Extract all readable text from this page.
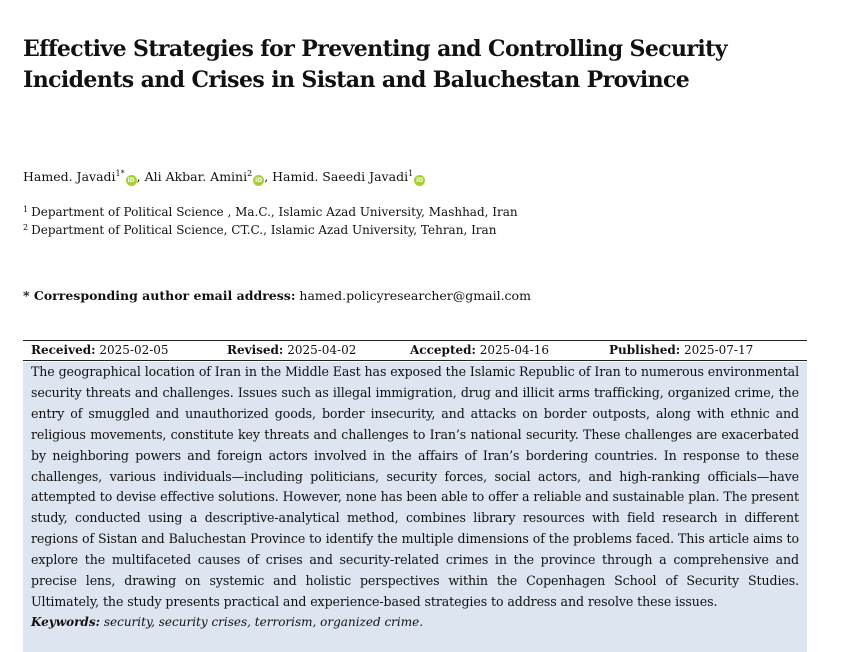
Effective Strategies for Preventing and Controlling Security Incidents and Crises in Sistan and Baluchestan Province
Hamed. Javadi$^{1*}$iD , Ali Akbar. Amini$^2$iD , Hamid. Saeedi Javadi$^1$iD
$^1$ Department of Political Science , Ma.C., Islamic Azad University, Mashhad, Iran
$^2$ Department of Political Science, CT.C., Islamic Azad University, Tehran, Iran
* Corresponding author email address: hamed.policyresearcher@gmail.com
Received: 2025-02-05	Revised: 2025-04-02	Accepted: 2025-04-16	Published: 2025-07-17

The geographical location of Iran in the Middle East has exposed the Islamic Republic of Iran to numerous environmental security threats and challenges. Issues such as illegal immigration, drug and illicit arms trafficking, organized crime, the entry of smuggled and unauthorized goods, border insecurity, and attacks on border outposts, along with ethnic and religious movements, constitute key threats and challenges to Iran’s national security. These challenges are exacerbated by neighboring powers and foreign actors involved in the affairs of Iran’s bordering countries. In response to these challenges, various individuals—including politicians, security forces, social actors, and high-ranking officials—have attempted to devise effective solutions. However, none has been able to offer a reliable and sustainable plan. The present study, conducted using a descriptive-analytical method, combines library resources with field research in different regions of Sistan and Baluchestan Province to identify the multiple dimensions of the problems faced. This article aims to explore the multifaceted causes of crises and security-related crimes in the province through a comprehensive and precise lens, drawing on systemic and holistic perspectives within the Copenhagen School of Security Studies. Ultimately, the study presents practical and experience-based strategies to address and resolve these issues.

Keywords: security, security crises, terrorism, organized crime.
